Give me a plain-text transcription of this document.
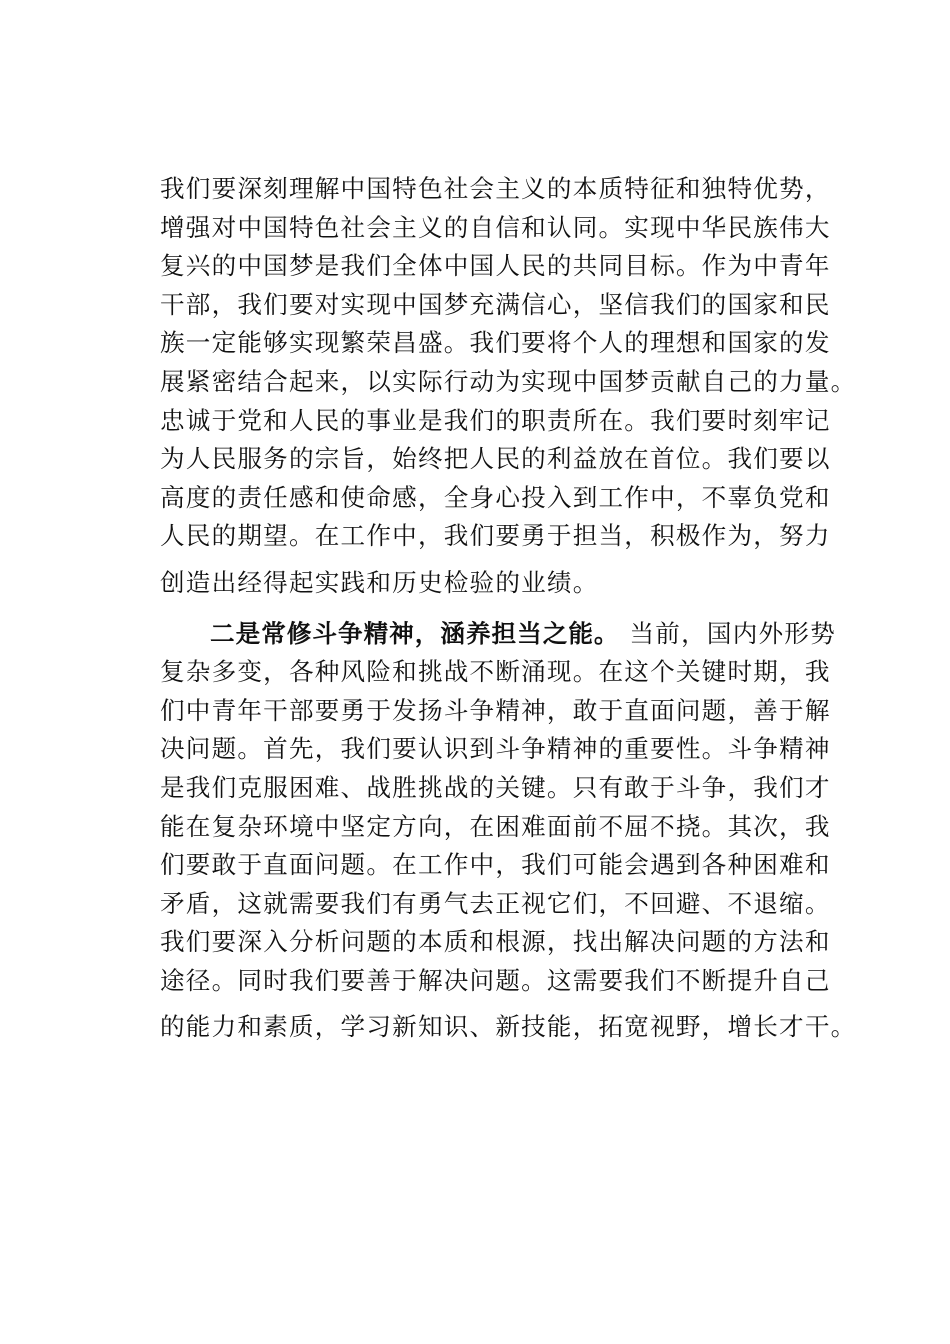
我们要深刻理解中国特色社会主义的本质特征和独特优势，
增强对中国特色社会主义的自信和认同。实现中华民族伟大
复兴的中国梦是我们全体中国人民的共同目标。作为中青年
干部，我们要对实现中国梦充满信心，坚信我们的国家和民
族一定能够实现繁荣昌盛。我们要将个人的理想和国家的发
展紧密结合起来，以实际行动为实现中国梦贡献自己的力量。
忠诚于党和人民的事业是我们的职责所在。我们要时刻牢记
为人民服务的宗旨，始终把人民的利益放在首位。我们要以
高度的责任感和使命感，全身心投入到工作中，不辜负党和
人民的期望。在工作中，我们要勇于担当，积极作为，努力
创造出经得起实践和历史检验的业绩。
二是常修斗争精神，涵养担当之能。 当前，国内外形势
复杂多变，各种风险和挑战不断涌现。在这个关键时期，我
们中青年干部要勇于发扬斗争精神，敢于直面问题，善于解
决问题。首先，我们要认识到斗争精神的重要性。斗争精神
是我们克服困难、战胜挑战的关键。只有敢于斗争，我们才
能在复杂环境中坚定方向，在困难面前不屈不挠。其次，我
们要敢于直面问题。在工作中，我们可能会遇到各种困难和
矛盾，这就需要我们有勇气去正视它们，不回避、不退缩。
我们要深入分析问题的本质和根源，找出解决问题的方法和
途径。同时我们要善于解决问题。这需要我们不断提升自己
的能力和素质，学习新知识、新技能，拓宽视野，增长才干。
